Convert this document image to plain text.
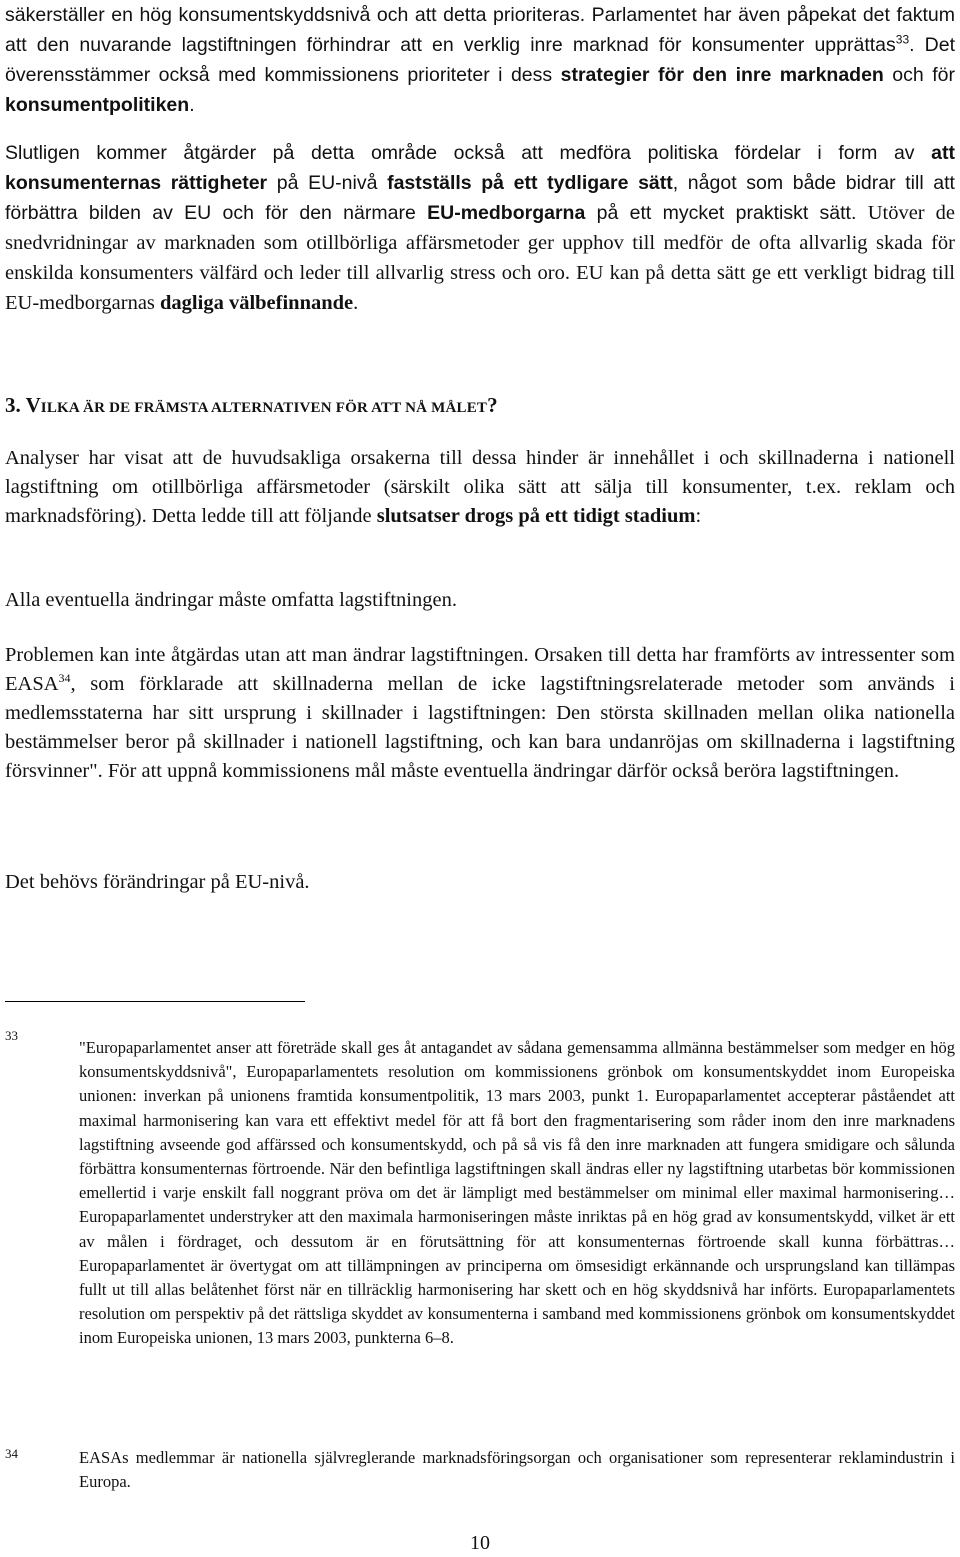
säkerställer en hög konsumentskyddsnivå och att detta prioriteras. Parlamentet har även påpekat det faktum att den nuvarande lagstiftningen förhindrar att en verklig inre marknad för konsumenter upprättas$^{33}$. Det överensstämmer också med kommissionens prioriteter i dess strategier för den inre marknaden och för konsumentpolitiken.

Slutligen kommer åtgärder på detta område också att medföra politiska fördelar i form av att konsumenternas rättigheter på EU-nivå fastställs på ett tydligare sätt, något som både bidrar till att förbättra bilden av EU och för den närmare EU-medborgarna på ett mycket praktiskt sätt. Utöver de snedvridningar av marknaden som otillbörliga affärsmetoder ger upphov till medför de ofta allvarlig skada för enskilda konsumenters välfärd och leder till allvarlig stress och oro. EU kan på detta sätt ge ett verkligt bidrag till EU-medborgarnas dagliga välbefinnande.

3. VILKA ÄR DE FRÄMSTA ALTERNATIVEN FÖR ATT NÅ MÅLET?

Analyser har visat att de huvudsakliga orsakerna till dessa hinder är innehållet i och skillnaderna i nationell lagstiftning om otillbörliga affärsmetoder (särskilt olika sätt att sälja till konsumenter, t.ex. reklam och marknadsföring). Detta ledde till att följande slutsatser drogs på ett tidigt stadium:

Alla eventuella ändringar måste omfatta lagstiftningen.

Problemen kan inte åtgärdas utan att man ändrar lagstiftningen. Orsaken till detta har framförts av intressenter som EASA$^{34}$, som förklarade att skillnaderna mellan de icke lagstiftningsrelaterade metoder som används i medlemsstaterna har sitt ursprung i skillnader i lagstiftningen: Den största skillnaden mellan olika nationella bestämmelser beror på skillnader i nationell lagstiftning, och kan bara undanröjas om skillnaderna i lagstiftning försvinner". För att uppnå kommissionens mål måste eventuella ändringar därför också beröra lagstiftningen.

Det behövs förändringar på EU-nivå.

33

"Europaparlamentet anser att företräde skall ges åt antagandet av sådana gemensamma allmänna bestämmelser som medger en hög konsumentskyddsnivå", Europaparlamentets resolution om kommissionens grönbok om konsumentskyddet inom Europeiska unionen: inverkan på unionens framtida konsumentpolitik, 13 mars 2003, punkt 1. Europaparlamentet accepterar påståendet att maximal harmonisering kan vara ett effektivt medel för att få bort den fragmentarisering som råder inom den inre marknadens lagstiftning avseende god affärssed och konsumentskydd, och på så vis få den inre marknaden att fungera smidigare och sålunda förbättra konsumenternas förtroende. När den befintliga lagstiftningen skall ändras eller ny lagstiftning utarbetas bör kommissionen emellertid i varje enskilt fall noggrant pröva om det är lämpligt med bestämmelser om minimal eller maximal harmonisering… Europaparlamentet understryker att den maximala harmoniseringen måste inriktas på en hög grad av konsumentskydd, vilket är ett av målen i fördraget, och dessutom är en förutsättning för att konsumenternas förtroende skall kunna förbättras… Europaparlamentet är övertygat om att tillämpningen av principerna om ömsesidigt erkännande och ursprungsland kan tillämpas fullt ut till allas belåtenhet först när en tillräcklig harmonisering har skett och en hög skyddsnivå har införts. Europaparlamentets resolution om perspektiv på det rättsliga skyddet av konsumenterna i samband med kommissionens grönbok om konsumentskyddet inom Europeiska unionen, 13 mars 2003, punkterna 6–8.

34	EASAs medlemmar är nationella självreglerande marknadsföringsorgan och organisationer som representerar reklamindustrin i Europa.

10
